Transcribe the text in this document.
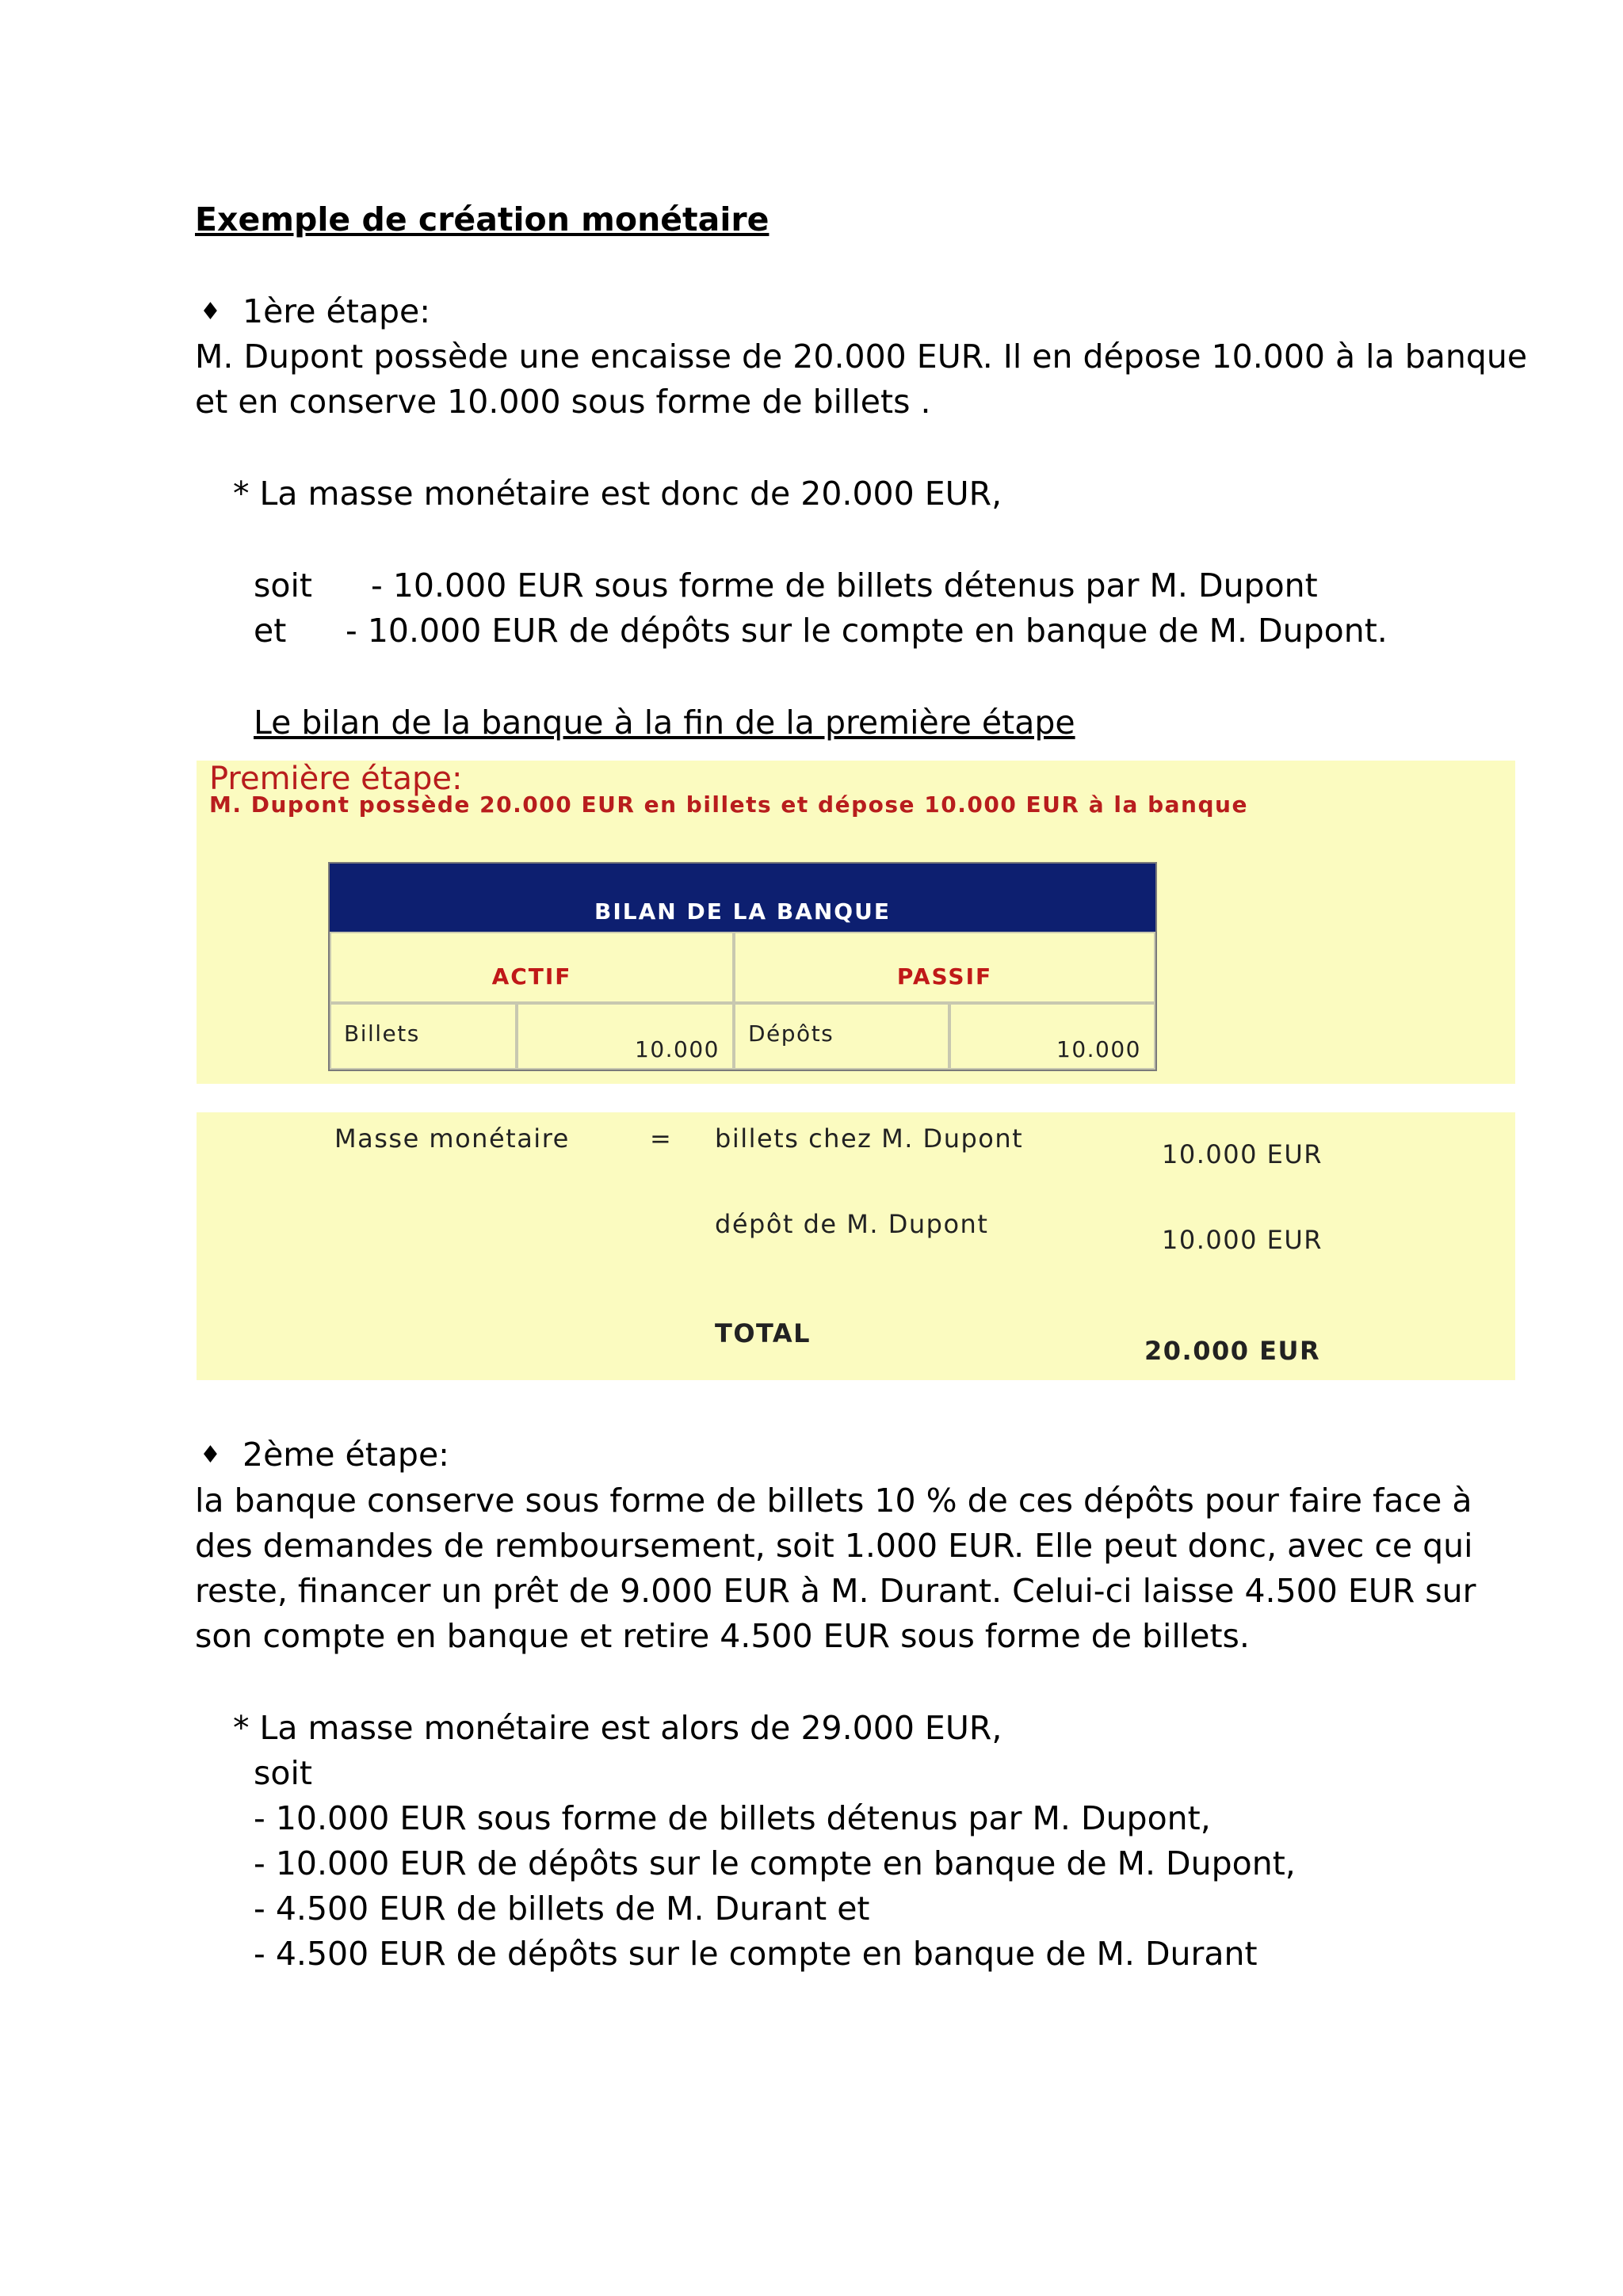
Exemple de création monétaire
♦ 1ère étape:
M. Dupont possède une encaisse de 20.000 EUR. Il en dépose 10.000 à la banque
et en conserve 10.000 sous forme de billets .
* La masse monétaire est donc de 20.000 EUR,
soit - 10.000 EUR sous forme de billets détenus par M. Dupont
et - 10.000 EUR de dépôts sur le compte en banque de M. Dupont.
Le bilan de la banque à la fin de la première étape
Première étape:
M. Dupont possède 20.000 EUR en billets et dépose 10.000 EUR à la banque
BILAN DE LA BANQUE
ACTIF	PASSIF
Billets
10.000
Dépôts
10.000
Masse monétaire	= billets chez M. Dupont
10.000 EUR
dépôt de M. Dupont
10.000 EUR
TOTAL
20.000 EUR
♦ 2ème étape:
la banque conserve sous forme de billets 10 % de ces dépôts pour faire face à
des demandes de remboursement, soit 1.000 EUR. Elle peut donc, avec ce qui
reste, financer un prêt de 9.000 EUR à M. Durant. Celui-ci laisse 4.500 EUR sur
son compte en banque et retire 4.500 EUR sous forme de billets.
* La masse monétaire est alors de 29.000 EUR,
soit
- 10.000 EUR sous forme de billets détenus par M. Dupont,
- 10.000 EUR de dépôts sur le compte en banque de M. Dupont,
- 4.500 EUR de billets de M. Durant et
- 4.500 EUR de dépôts sur le compte en banque de M. Durant
